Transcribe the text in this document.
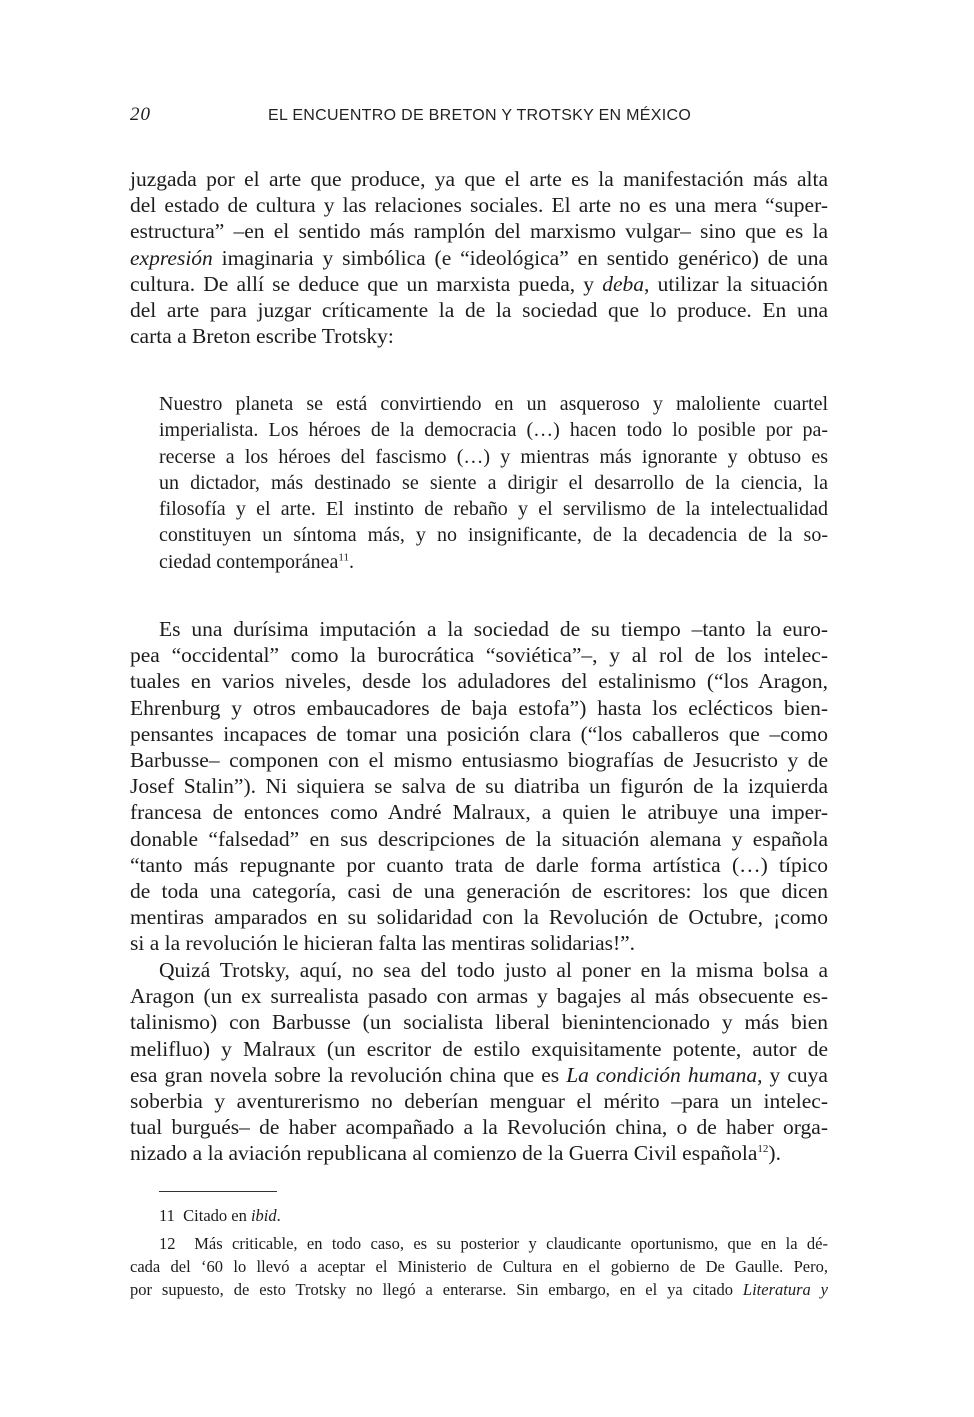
20	EL ENCUENTRO DE BRETON Y TROTSKY EN MÉXICO
juzgada por el arte que produce, ya que el arte es la manifestación más alta
del estado de cultura y las relaciones sociales. El arte no es una mera “super-
estructura” –en el sentido más ramplón del marxismo vulgar– sino que es la
expresión imaginaria y simbólica (e “ideológica” en sentido genérico) de una
cultura. De allí se deduce que un marxista pueda, y deba, utilizar la situación
del arte para juzgar críticamente la de la sociedad que lo produce. En una
carta a Breton escribe Trotsky:
Nuestro planeta se está convirtiendo en un asqueroso y maloliente cuartel
imperialista. Los héroes de la democracia (…) hacen todo lo posible por pa-
recerse a los héroes del fascismo (…) y mientras más ignorante y obtuso es
un dictador, más destinado se siente a dirigir el desarrollo de la ciencia, la
filosofía y el arte. El instinto de rebaño y el servilismo de la intelectualidad
constituyen un síntoma más, y no insignificante, de la decadencia de la so-
ciedad contemporánea$^{11}$.
Es una durísima imputación a la sociedad de su tiempo –tanto la euro-
pea “occidental” como la burocrática “soviética”–, y al rol de los intelec-
tuales en varios niveles, desde los aduladores del estalinismo (“los Aragon,
Ehrenburg y otros embaucadores de baja estofa”) hasta los eclécticos bien-
pensantes incapaces de tomar una posición clara (“los caballeros que –como
Barbusse– componen con el mismo entusiasmo biografías de Jesucristo y de
Josef Stalin”). Ni siquiera se salva de su diatriba un figurón de la izquierda
francesa de entonces como André Malraux, a quien le atribuye una imper-
donable “falsedad” en sus descripciones de la situación alemana y española
“tanto más repugnante por cuanto trata de darle forma artística (…) típico
de toda una categoría, casi de una generación de escritores: los que dicen
mentiras amparados en su solidaridad con la Revolución de Octubre, ¡como
si a la revolución le hicieran falta las mentiras solidarias!”.
Quizá Trotsky, aquí, no sea del todo justo al poner en la misma bolsa a
Aragon (un ex surrealista pasado con armas y bagajes al más obsecuente es-
talinismo) con Barbusse (un socialista liberal bienintencionado y más bien
melifluo) y Malraux (un escritor de estilo exquisitamente potente, autor de
esa gran novela sobre la revolución china que es La condición humana, y cuya
soberbia y aventurerismo no deberían menguar el mérito –para un intelec-
tual burgués– de haber acompañado a la Revolución china, o de haber orga-
nizado a la aviación republicana al comienzo de la Guerra Civil española$^{12}$).
11 Citado en ibid.
12 Más criticable, en todo caso, es su posterior y claudicante oportunismo, que en la dé-
cada del ‘60 lo llevó a aceptar el Ministerio de Cultura en el gobierno de De Gaulle. Pero,
por supuesto, de esto Trotsky no llegó a enterarse. Sin embargo, en el ya citado Literatura y
